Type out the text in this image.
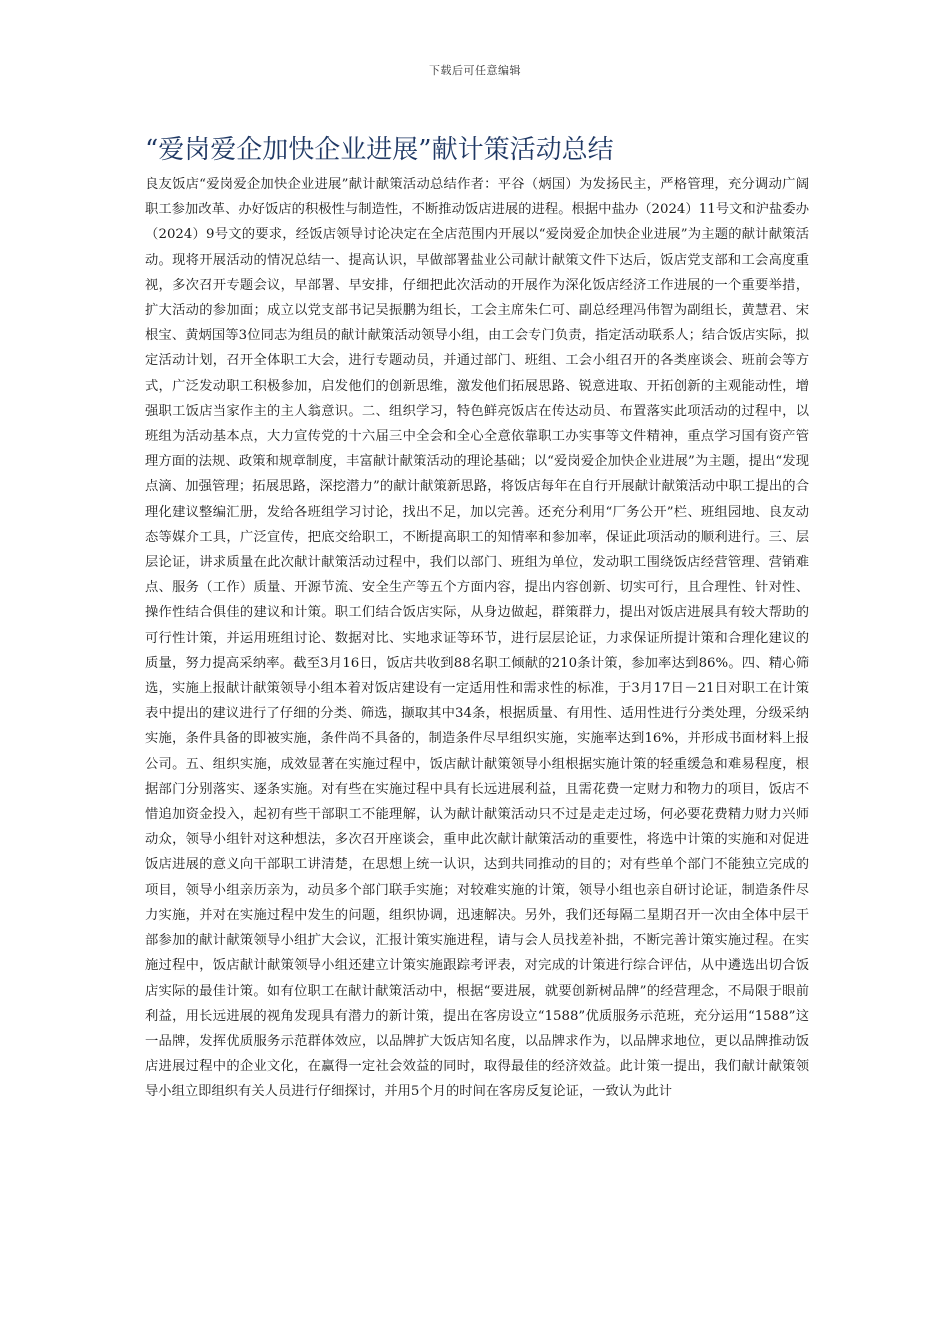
下载后可任意编辑
“爱岗爱企加快企业进展”献计策活动总结

良友饭店“爱岗爱企加快企业进展”献计献策活动总结作者：平谷（炳国）为发扬民主，严格管理，充分调动广阔职工参加改革、办好饭店的积极性与制造性，不断推动饭店进展的进程。根据中盐办（2024）11号文和沪盐委办（2024）9号文的要求，经饭店领导讨论决定在全店范围内开展以“爱岗爱企加快企业进展”为主题的献计献策活动。现将开展活动的情况总结一、提高认识，早做部署盐业公司献计献策文件下达后，饭店党支部和工会高度重视，多次召开专题会议，早部署、早安排，仔细把此次活动的开展作为深化饭店经济工作进展的一个重要举措，扩大活动的参加面；成立以党支部书记吴振鹏为组长，工会主席朱仁可、副总经理冯伟智为副组长，黄慧君、宋根宝、黄炳国等3位同志为组员的献计献策活动领导小组，由工会专门负责，指定活动联系人；结合饭店实际，拟定活动计划，召开全体职工大会，进行专题动员，并通过部门、班组、工会小组召开的各类座谈会、班前会等方式，广泛发动职工积极参加，启发他们的创新思维，激发他们拓展思路、锐意进取、开拓创新的主观能动性，增强职工饭店当家作主的主人翁意识。二、组织学习，特色鲜亮饭店在传达动员、布置落实此项活动的过程中，以班组为活动基本点，大力宣传党的十六届三中全会和全心全意依靠职工办实事等文件精神，重点学习国有资产管理方面的法规、政策和规章制度，丰富献计献策活动的理论基础；以“爱岗爱企加快企业进展”为主题，提出“发现点滴、加强管理；拓展思路，深挖潜力”的献计献策新思路，将饭店每年在自行开展献计献策活动中职工提出的合理化建议整编汇册，发给各班组学习讨论，找出不足，加以完善。还充分利用“厂务公开”栏、班组园地、良友动态等媒介工具，广泛宣传，把底交给职工，不断提高职工的知情率和参加率，保证此项活动的顺利进行。三、层层论证，讲求质量在此次献计献策活动过程中，我们以部门、班组为单位，发动职工围绕饭店经营管理、营销难点、服务（工作）质量、开源节流、安全生产等五个方面内容，提出内容创新、切实可行，且合理性、针对性、操作性结合俱佳的建议和计策。职工们结合饭店实际，从身边做起，群策群力，提出对饭店进展具有较大帮助的可行性计策，并运用班组讨论、数据对比、实地求证等环节，进行层层论证，力求保证所提计策和合理化建议的质量，努力提高采纳率。截至3月16日，饭店共收到88名职工倾献的210条计策，参加率达到86%。四、精心筛选，实施上报献计献策领导小组本着对饭店建设有一定适用性和需求性的标准，于3月17日－21日对职工在计策表中提出的建议进行了仔细的分类、筛选，撷取其中34条，根据质量、有用性、适用性进行分类处理，分级采纳实施，条件具备的即被实施，条件尚不具备的，制造条件尽早组织实施，实施率达到16%，并形成书面材料上报公司。五、组织实施，成效显著在实施过程中，饭店献计献策领导小组根据实施计策的轻重缓急和难易程度，根据部门分别落实、逐条实施。对有些在实施过程中具有长远进展利益，且需花费一定财力和物力的项目，饭店不惜追加资金投入，起初有些干部职工不能理解，认为献计献策活动只不过是走走过场，何必要花费精力财力兴师动众，领导小组针对这种想法，多次召开座谈会，重申此次献计献策活动的重要性，将选中计策的实施和对促进饭店进展的意义向干部职工讲清楚，在思想上统一认识，达到共同推动的目的；对有些单个部门不能独立完成的项目，领导小组亲历亲为，动员多个部门联手实施；对较难实施的计策，领导小组也亲自研讨论证，制造条件尽力实施，并对在实施过程中发生的问题，组织协调，迅速解决。另外，我们还每隔二星期召开一次由全体中层干部参加的献计献策领导小组扩大会议，汇报计策实施进程，请与会人员找差补拙，不断完善计策实施过程。在实施过程中，饭店献计献策领导小组还建立计策实施跟踪考评表，对完成的计策进行综合评估，从中遴选出切合饭店实际的最佳计策。如有位职工在献计献策活动中，根据“要进展，就要创新树品牌”的经营理念，不局限于眼前利益，用长远进展的视角发现具有潜力的新计策，提出在客房设立“1588”优质服务示范班，充分运用“1588”这一品牌，发挥优质服务示范群体效应，以品牌扩大饭店知名度，以品牌求作为，以品牌求地位，更以品牌推动饭店进展过程中的企业文化，在赢得一定社会效益的同时，取得最佳的经济效益。此计策一提出，我们献计献策领导小组立即组织有关人员进行仔细探讨，并用5个月的时间在客房反复论证，一致认为此计
